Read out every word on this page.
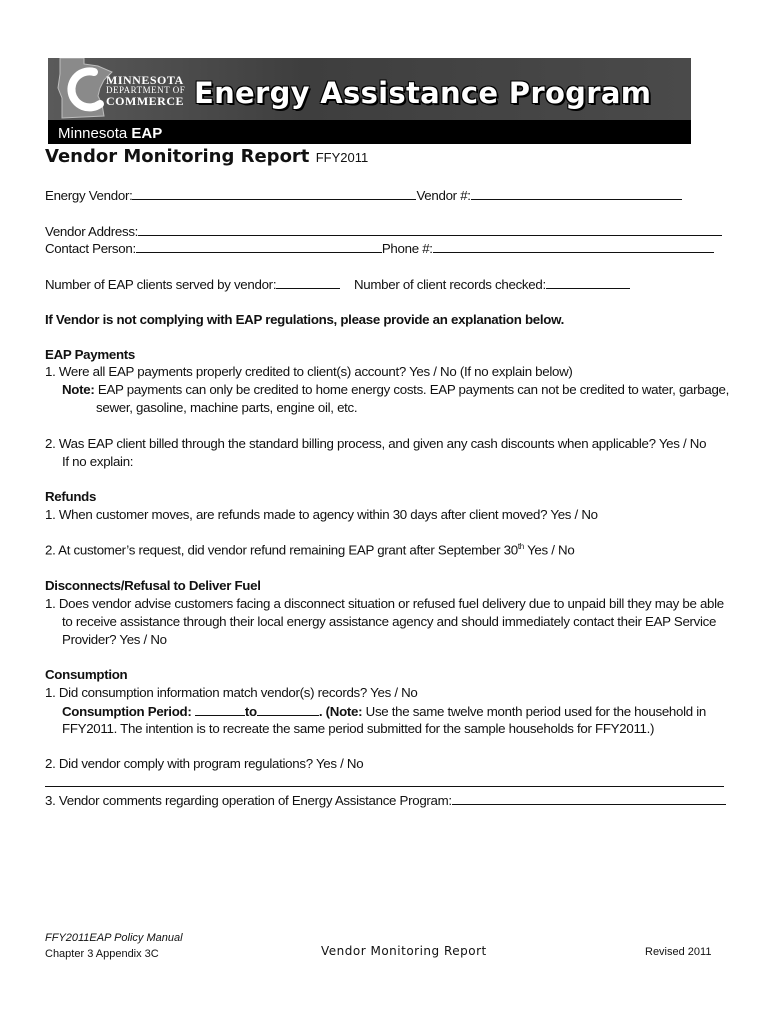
MINNESOTA
DEPARTMENT OF
COMMERCE Energy Assistance Program
Minnesota EAP
Vendor Monitoring Report FFY2011
Energy Vendor:	Vendor #:
Vendor Address:
Contact Person:	Phone #:
Number of EAP clients served by vendor:	Number of client records checked:
If Vendor is not complying with EAP regulations, please provide an explanation below.
EAP Payments
1. Were all EAP payments properly credited to client(s) account? Yes / No (If no explain below)
Note: EAP payments can only be credited to home energy costs. EAP payments can not be credited to water, garbage,
sewer, gasoline, machine parts, engine oil, etc.
2. Was EAP client billed through the standard billing process, and given any cash discounts when applicable? Yes / No
If no explain:
Refunds
1. When customer moves, are refunds made to agency within 30 days after client moved? Yes / No
2. At customer’s request, did vendor refund remaining EAP grant after September 30th Yes / No
Disconnects/Refusal to Deliver Fuel
1. Does vendor advise customers facing a disconnect situation or refused fuel delivery due to unpaid bill they may be able
to receive assistance through their local energy assistance agency and should immediately contact their EAP Service
Provider? Yes / No
Consumption
1. Did consumption information match vendor(s) records? Yes / No
Consumption Period:	to	. (Note: Use the same twelve month period used for the household in
FFY2011. The intention is to recreate the same period submitted for the sample households for FFY2011.)
2. Did vendor comply with program regulations? Yes / No
3. Vendor comments regarding operation of Energy Assistance Program:
FFY2011EAP Policy Manual
Chapter 3 Appendix 3C	Vendor Monitoring Report	Revised 2011
